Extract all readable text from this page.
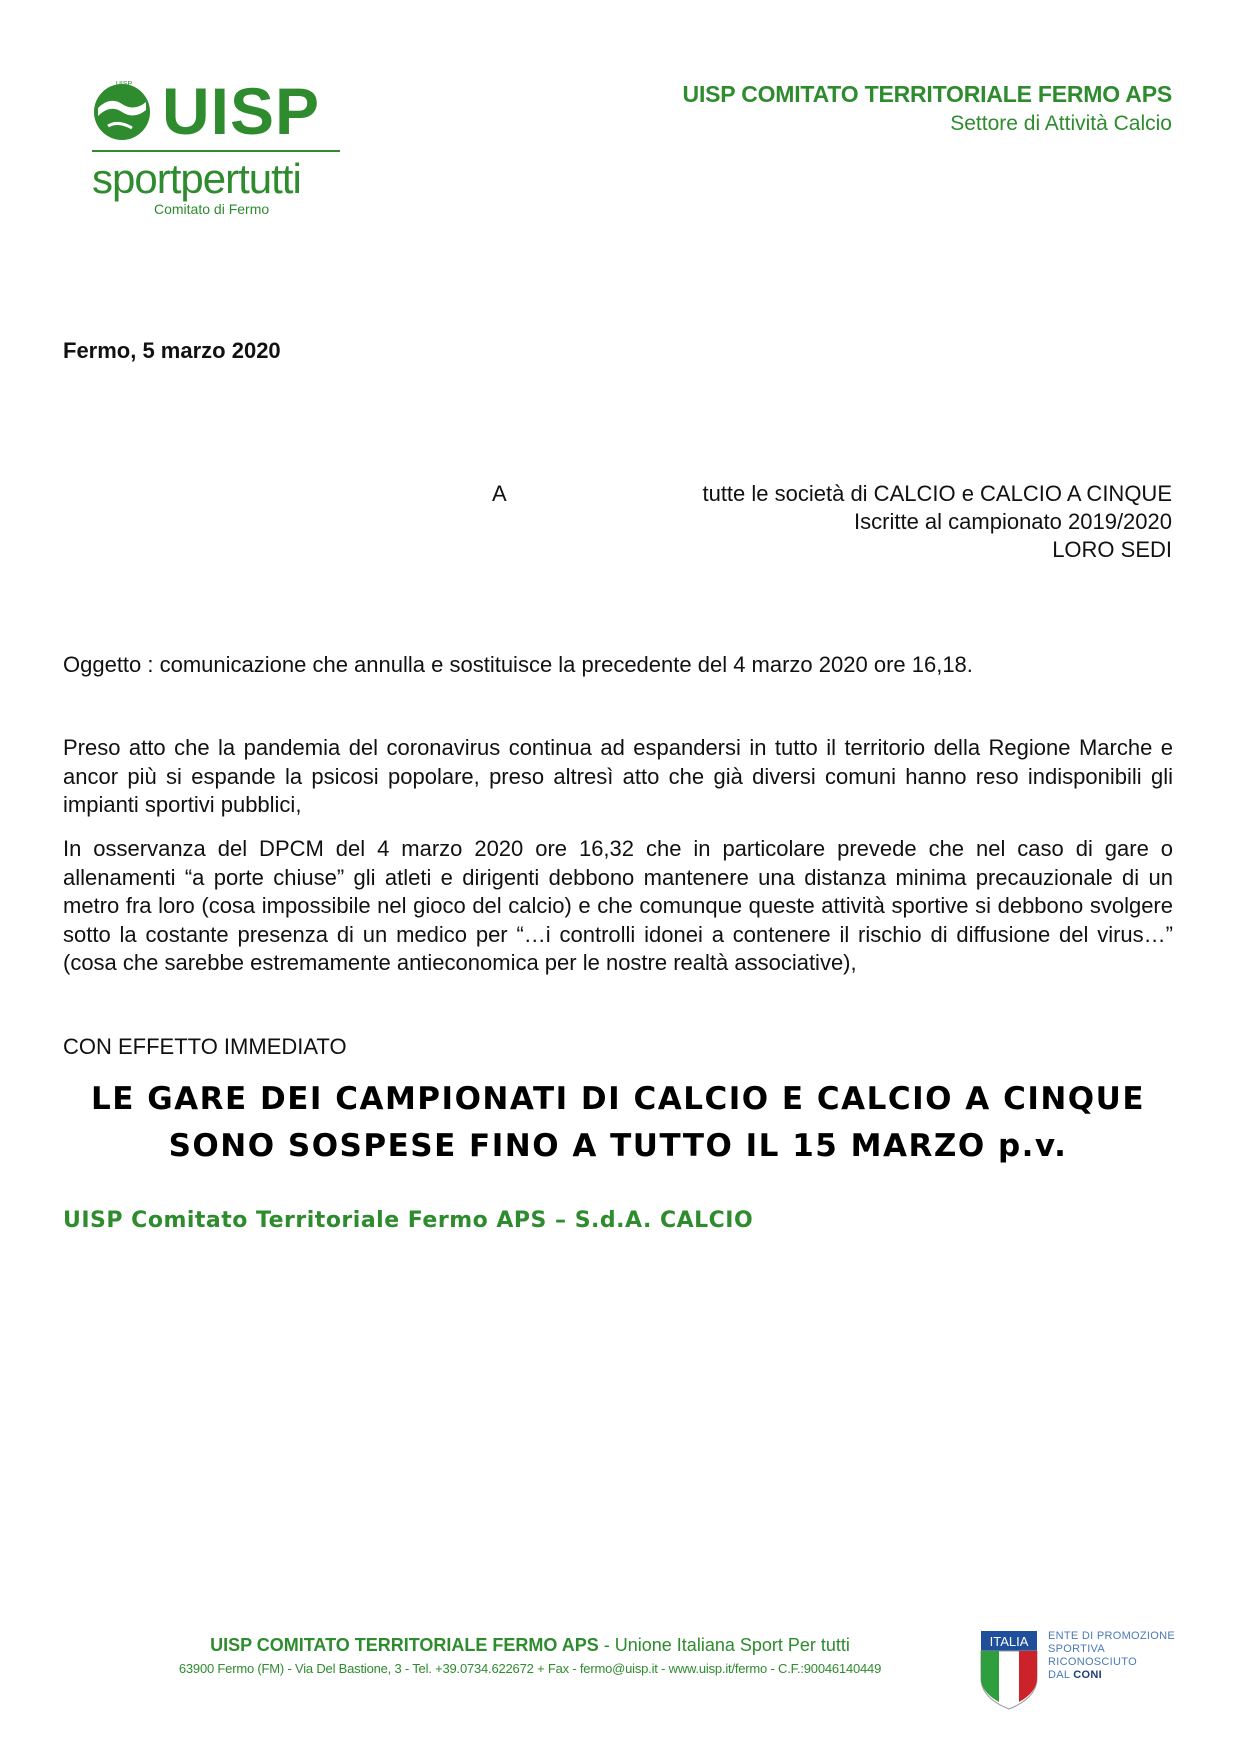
UISP UISP
sportpertutti
Comitato di Fermo
UISP COMITATO TERRITORIALE FERMO APS
Settore di Attività Calcio
Fermo, 5 marzo 2020
A	tutte le società di CALCIO e CALCIO A CINQUE
Iscritte al campionato 2019/2020
LORO SEDI
Oggetto : comunicazione che annulla e sostituisce la precedente del 4 marzo 2020 ore 16,18.
Preso atto che la pandemia del coronavirus continua ad espandersi in tutto il territorio della Regione Marche e ancor più si espande la psicosi popolare, preso altresì atto che già diversi comuni hanno reso indisponibili gli impianti sportivi pubblici,
In osservanza del DPCM del 4 marzo 2020 ore 16,32 che in particolare prevede che nel caso di gare o allenamenti “a porte chiuse” gli atleti e dirigenti debbono mantenere una distanza minima precauzionale di un metro fra loro (cosa impossibile nel gioco del calcio) e che comunque queste attività sportive si debbono svolgere sotto la costante presenza di un medico per “…i controlli idonei a contenere il rischio di diffusione del virus…” (cosa che sarebbe estremamente antieconomica per le nostre realtà associative),
CON EFFETTO IMMEDIATO
LE GARE DEI CAMPIONATI DI CALCIO E CALCIO A CINQUE
SONO SOSPESE FINO A TUTTO IL 15 MARZO p.v.
UISP Comitato Territoriale Fermo APS – S.d.A. CALCIO
UISP COMITATO TERRITORIALE FERMO APS - Unione Italiana Sport Per tutti
63900 Fermo (FM) - Via Del Bastione, 3 - Tel. +39.0734.622672 + Fax - fermo@uisp.it - www.uisp.it/fermo - C.F.:90046140449
ITALIA ENTE DI PROMOZIONE
SPORTIVA
RICONOSCIUTO
DAL CONI
